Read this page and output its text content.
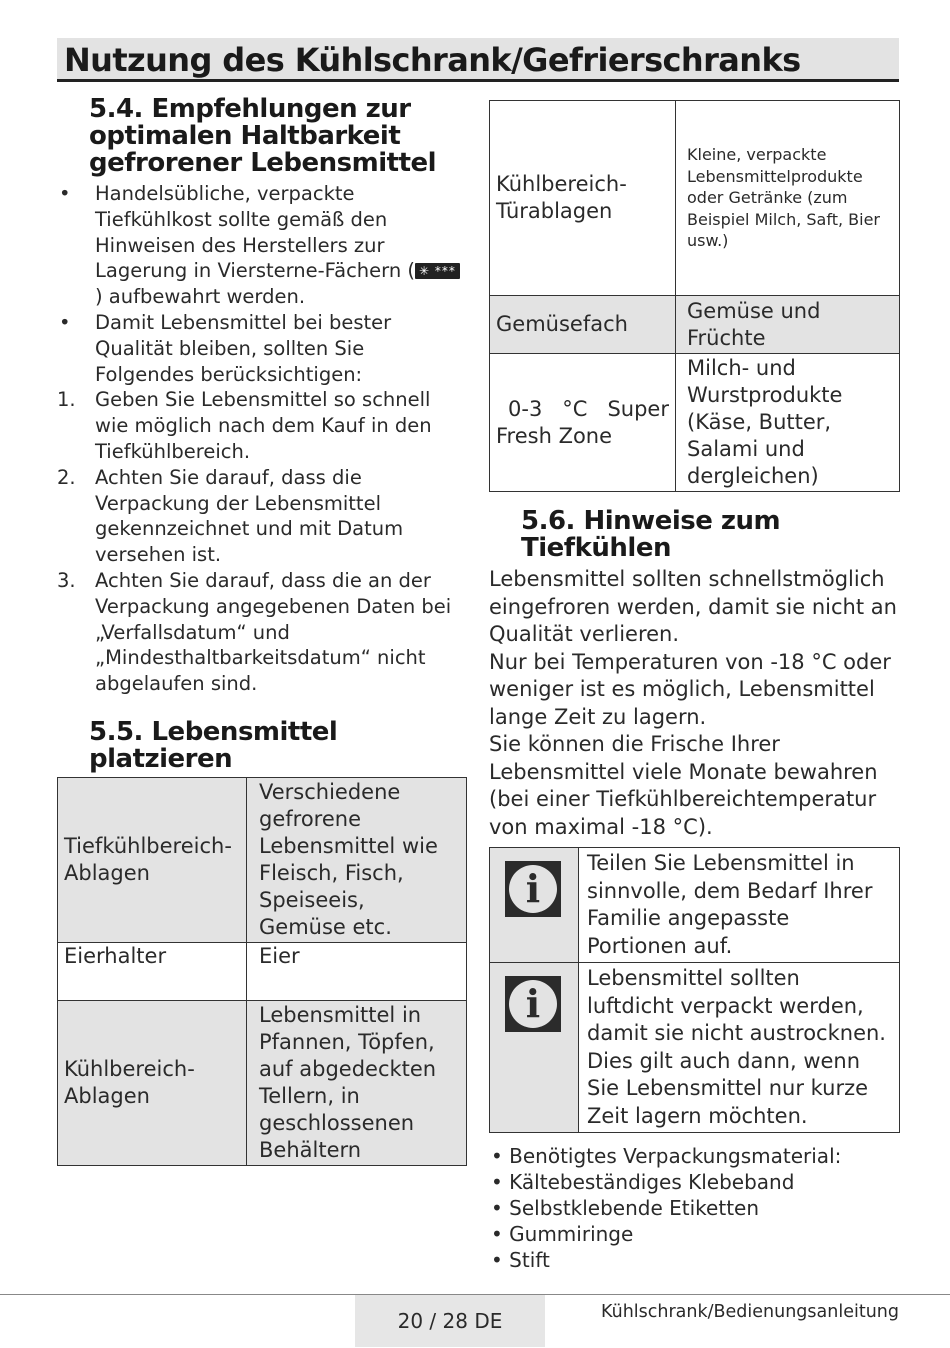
Nutzung des Kühlschrank/Gefrierschranks
5.4. Empfehlungen zur optimalen Haltbarkeit gefrorener Lebensmittel
• Handelsübliche, verpackte Tiefkühlkost sollte gemäß den Hinweisen des Herstellers zur Lagerung in Viersterne-Fächern ( ✳ ***) aufbewahrt werden.
• Damit Lebensmittel bei bester Qualität bleiben, sollten Sie Folgendes berücksichtigen:
1. Geben Sie Lebensmittel so schnell wie möglich nach dem Kauf in den Tiefkühlbereich.
2. Achten Sie darauf, dass die Verpackung der Lebensmittel gekennzeichnet und mit Datum versehen ist.
3. Achten Sie darauf, dass die an der Verpackung angegebenen Daten bei „Verfallsdatum“ und „Mindesthaltbarkeitsdatum“ nicht abgelaufen sind.
5.5. Lebensmittel platzieren
Tiefkühlbereich-Ablagen	Verschiedene gefrorene Lebensmittel wie Fleisch, Fisch, Speiseeis, Gemüse etc.
Eierhalter	Eier
Kühlbereich-Ablagen	Lebensmittel in Pfannen, Töpfen, auf abgedeckten Tellern, in geschlossenen Behältern
Kühlbereich-Türablagen	Kleine, verpackte Lebensmittelprodukte oder Getränke (zum Beispiel Milch, Saft, Bier usw.)
Gemüsefach	Gemüse und Früchte

0-3 °C Super
Fresh Zone	Milch- und Wurstprodukte (Käse, Butter, Salami und dergleichen)
5.6. Hinweise zum Tiefkühlen

Lebensmittel sollten schnellstmöglich eingefroren werden, damit sie nicht an Qualität verlieren.

Nur bei Temperaturen von -18 °C oder weniger ist es möglich, Lebensmittel lange Zeit zu lagern.

Sie können die Frische Ihrer Lebensmittel viele Monate bewahren (bei einer Tiefkühlbereichtemperatur von maximal -18 °C).

i	Teilen Sie Lebensmittel in sinnvolle, dem Bedarf Ihrer Familie angepasste Portionen auf.

i	Lebensmittel sollten luftdicht verpackt werden, damit sie nicht austrocknen. Dies gilt auch dann, wenn Sie Lebensmittel nur kurze Zeit lagern möchten.
• Benötigtes Verpackungsmaterial:
• Kältebeständiges Klebeband
• Selbstklebende Etiketten
• Gummiringe
• Stift
20 / 28 DE	Kühlschrank/Bedienungsanleitung
